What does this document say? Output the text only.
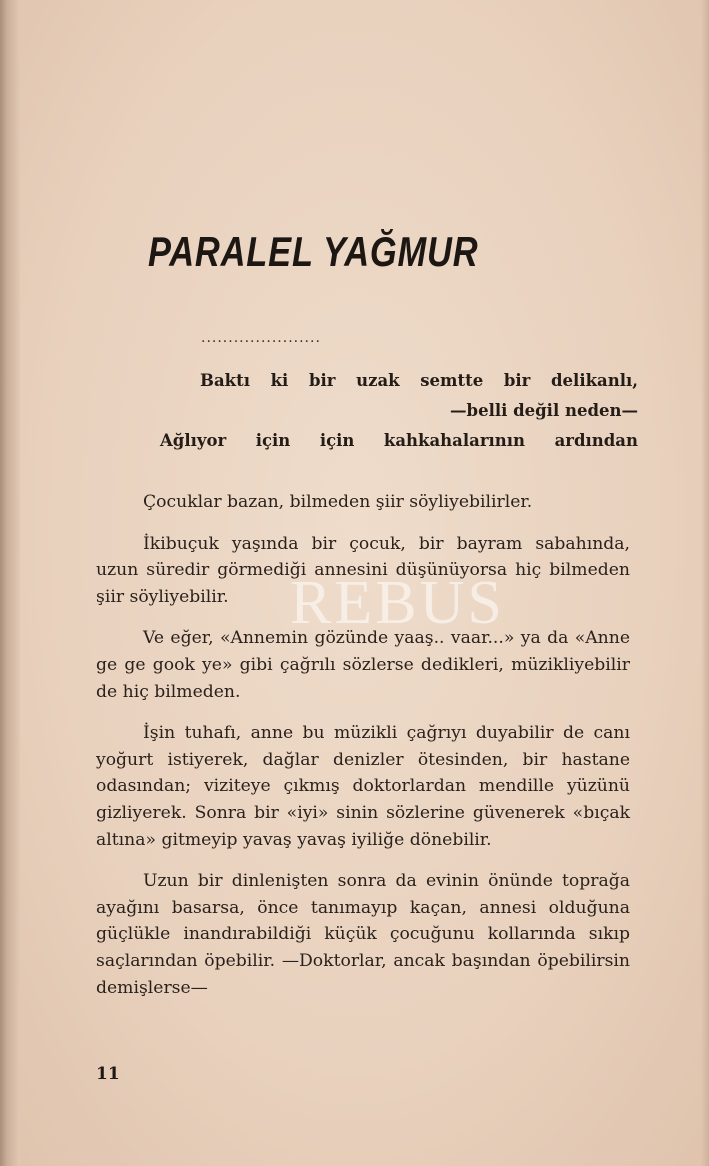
PARALEL YAĞMUR
......................
Baktı ki bir uzak semtte bir delikanlı,
—belli değil neden—
Ağlıyor için için kahkahalarının ardından

Çocuklar bazan, bilmeden şiir söyliyebilirler.

İkibuçuk yaşında bir çocuk, bir bayram sabahında, uzun süredir görmediği annesini düşünüyorsa hiç bilmeden şiir söyliyebilir.

Ve eğer, «Annemin gözünde yaaş.. vaar...» ya da «Anne ge ge gook ye» gibi çağrılı sözlerse dedikleri, müzikliyebilir de hiç bilmeden.

İşin tuhafı, anne bu müzikli çağrıyı duyabilir de canı yoğurt istiyerek, dağlar denizler ötesinden, bir hastane odasından; viziteye çıkmış doktorlardan mendille yüzünü gizliyerek. Sonra bir «iyi» sinin sözlerine güvenerek «bıçak altına» gitmeyip yavaş yavaş iyiliğe dönebilir.

Uzun bir dinlenişten sonra da evinin önünde toprağa ayağını basarsa, önce tanımayıp kaçan, annesi olduğuna güçlükle inandırabildiği küçük çocuğunu kollarında sıkıp saçlarından öpebilir. —Doktorlar, ancak başından öpebilirsin demişlerse—

REBUS
11
